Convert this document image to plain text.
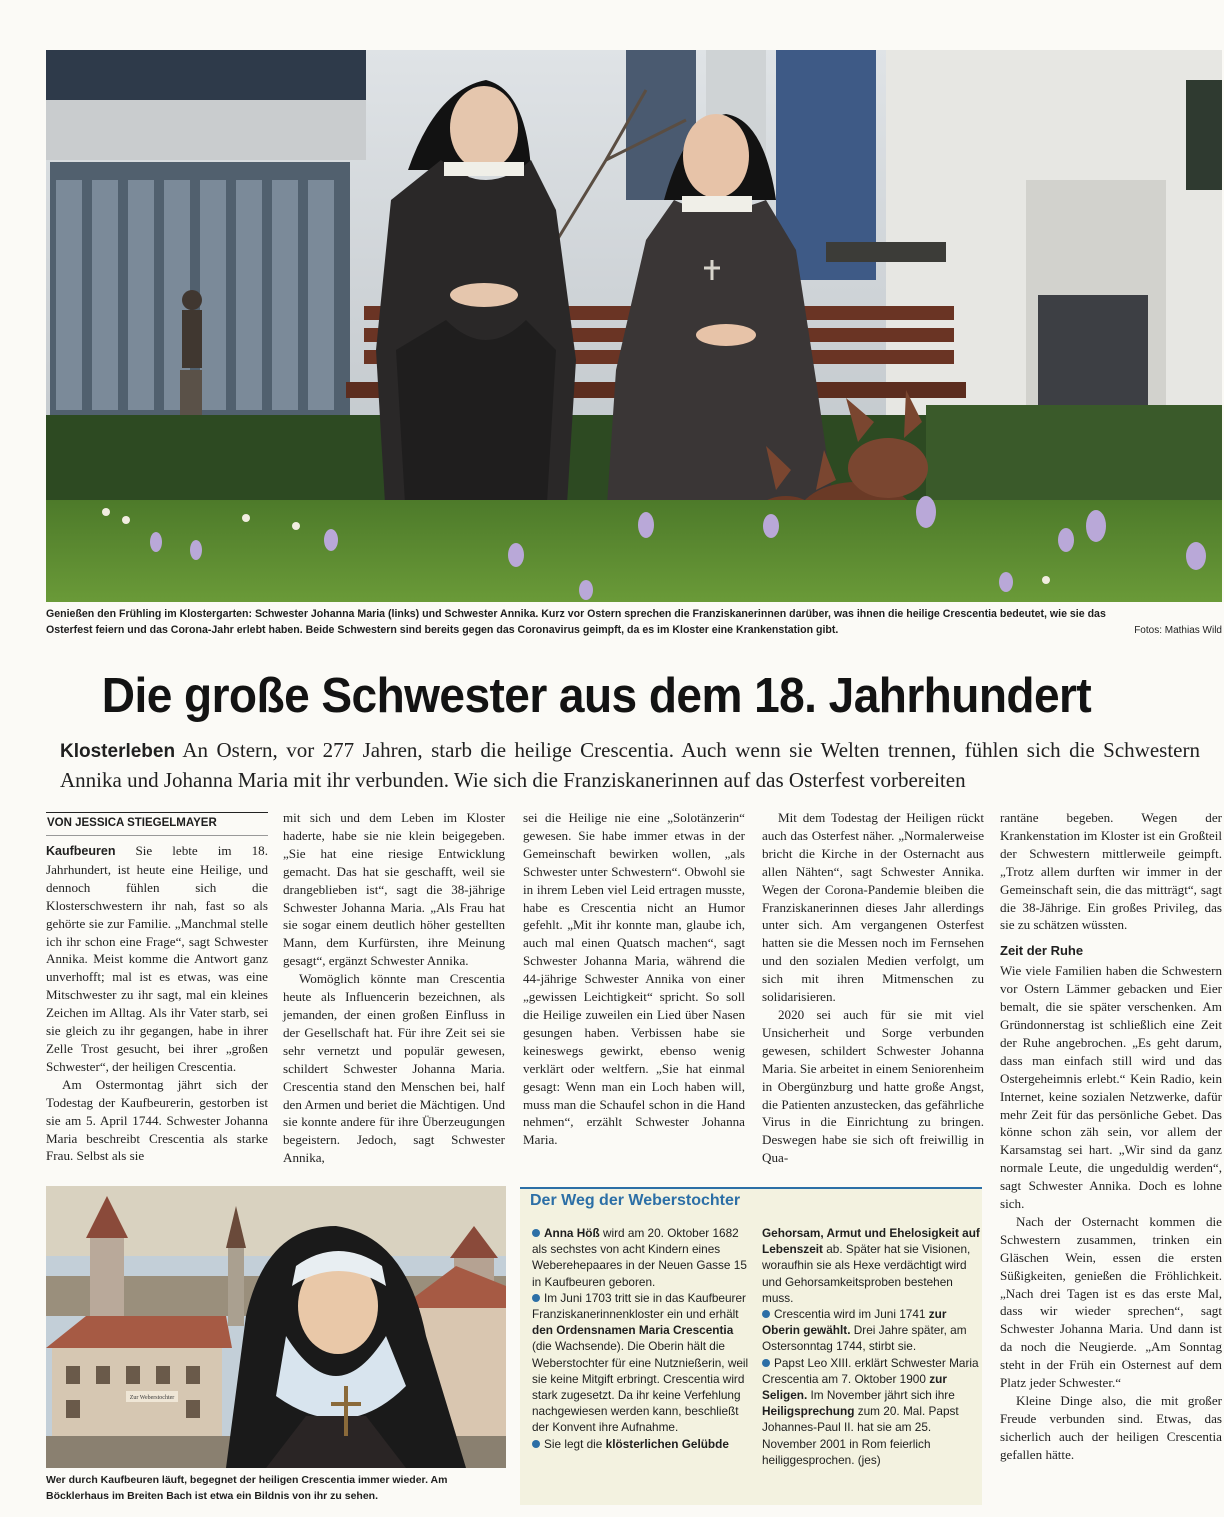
Genießen den Frühling im Klostergarten: Schwester Johanna Maria (links) und Schwester Annika. Kurz vor Ostern sprechen die Franziskanerinnen darüber, was ihnen die heilige Crescentia bedeutet, wie sie das Osterfest feiern und das Corona-Jahr erlebt haben. Beide Schwestern sind bereits gegen das Coronavirus geimpft, da es im Kloster eine Krankenstation gibt.	Fotos: Mathias Wild
Die große Schwester aus dem 18. Jahrhundert
Klosterleben An Ostern, vor 277 Jahren, starb die heilige Crescentia. Auch wenn sie Welten trennen, fühlen sich die Schwestern Annika und Johanna Maria mit ihr verbunden. Wie sich die Franziskanerinnen auf das Osterfest vorbereiten
VON JESSICA STIEGELMAYER

Kaufbeuren Sie lebte im 18. Jahrhundert, ist heute eine Heilige, und dennoch fühlen sich die Klosterschwestern ihr nah, fast so als gehörte sie zur Familie. „Manchmal stelle ich ihr schon eine Frage“, sagt Schwester Annika. Meist komme die Antwort ganz unverhofft; mal ist es etwas, was eine Mitschwester zu ihr sagt, mal ein kleines Zeichen im Alltag. Als ihr Vater starb, sei sie gleich zu ihr gegangen, habe in ihrer Zelle Trost gesucht, bei ihrer „großen Schwester“, der heiligen Crescentia.

Am Ostermontag jährt sich der Todestag der Kaufbeurerin, gestorben ist sie am 5. April 1744. Schwester Johanna Maria beschreibt Crescentia als starke Frau. Selbst als sie

mit sich und dem Leben im Kloster haderte, habe sie nie klein beigegeben. „Sie hat eine riesige Entwicklung gemacht. Das hat sie geschafft, weil sie drangeblieben ist“, sagt die 38-jährige Schwester Johanna Maria. „Als Frau hat sie sogar einem deutlich höher gestellten Mann, dem Kurfürsten, ihre Meinung gesagt“, ergänzt Schwester Annika.

Womöglich könnte man Crescentia heute als Influencerin bezeichnen, als jemanden, der einen großen Einfluss in der Gesellschaft hat. Für ihre Zeit sei sie sehr vernetzt und populär gewesen, schildert Schwester Johanna Maria. Crescentia stand den Menschen bei, half den Armen und beriet die Mächtigen. Und sie konnte andere für ihre Überzeugungen begeistern. Jedoch, sagt Schwester Annika,

sei die Heilige nie eine „Solotänzerin“ gewesen. Sie habe immer etwas in der Gemeinschaft bewirken wollen, „als Schwester unter Schwestern“. Obwohl sie in ihrem Leben viel Leid ertragen musste, habe es Crescentia nicht an Humor gefehlt. „Mit ihr konnte man, glaube ich, auch mal einen Quatsch machen“, sagt Schwester Johanna Maria, während die 44-jährige Schwester Annika von einer „gewissen Leichtigkeit“ spricht. So soll die Heilige zuweilen ein Lied über Nasen gesungen haben. Verbissen habe sie keineswegs gewirkt, ebenso wenig verklärt oder weltfern. „Sie hat einmal gesagt: Wenn man ein Loch haben will, muss man die Schaufel schon in die Hand nehmen“, erzählt Schwester Johanna Maria.

Mit dem Todestag der Heiligen rückt auch das Osterfest näher. „Normalerweise bricht die Kirche in der Osternacht aus allen Nähten“, sagt Schwester Annika. Wegen der Corona-Pandemie bleiben die Franziskanerinnen dieses Jahr allerdings unter sich. Am vergangenen Osterfest hatten sie die Messen noch im Fernsehen und den sozialen Medien verfolgt, um sich mit ihren Mitmenschen zu solidarisieren.

2020 sei auch für sie mit viel Unsicherheit und Sorge verbunden gewesen, schildert Schwester Johanna Maria. Sie arbeitet in einem Seniorenheim in Obergünzburg und hatte große Angst, die Patienten anzustecken, das gefährliche Virus in die Einrichtung zu bringen. Deswegen habe sie sich oft freiwillig in Qua-

rantäne begeben. Wegen der Krankenstation im Kloster ist ein Großteil der Schwestern mittlerweile geimpft. „Trotz allem durften wir immer in der Gemeinschaft sein, die das mitträgt“, sagt die 38-Jährige. Ein großes Privileg, das sie zu schätzen wüssten.

Zeit der Ruhe

Wie viele Familien haben die Schwestern vor Ostern Lämmer gebacken und Eier bemalt, die sie später verschenken. Am Gründonnerstag ist schließlich eine Zeit der Ruhe angebrochen. „Es geht darum, dass man einfach still wird und das Ostergeheimnis erlebt.“ Kein Radio, kein Internet, keine sozialen Netzwerke, dafür mehr Zeit für das persönliche Gebet. Das könne schon zäh sein, vor allem der Karsamstag sei hart. „Wir sind da ganz normale Leute, die ungeduldig werden“, sagt Schwester Annika. Doch es lohne sich.

Nach der Osternacht kommen die Schwestern zusammen, trinken ein Gläschen Wein, essen die ersten Süßigkeiten, genießen die Fröhlichkeit. „Nach drei Tagen ist es das erste Mal, dass wir wieder sprechen“, sagt Schwester Johanna Maria. Und dann ist da noch die Neugierde. „Am Sonntag steht in der Früh ein Osternest auf dem Platz jeder Schwester.“

Kleine Dinge also, die mit großer Freude verbunden sind. Etwas, das sicherlich auch der heiligen Crescentia gefallen hätte.

Zur Weberstochter
Wer durch Kaufbeuren läuft, begegnet der heiligen Crescentia immer wieder. Am Böcklerhaus im Breiten Bach ist etwa ein Bildnis von ihr zu sehen.
Der Weg der Weberstochter
Anna Höß wird am 20. Oktober 1682 als sechstes von acht Kindern eines Weberehepaares in der Neuen Gasse 15 in Kaufbeuren geboren.
Im Juni 1703 tritt sie in das Kaufbeurer Franziskanerinnenkloster ein und erhält den Ordensnamen Maria Crescentia (die Wachsende). Die Oberin hält die Weberstochter für eine Nutznießerin, weil sie keine Mitgift erbringt. Crescentia wird stark zugesetzt. Da ihr keine Verfehlung nachgewiesen werden kann, beschließt der Konvent ihre Aufnahme.
Sie legt die klösterlichen Gelübde
Gehorsam, Armut und Ehelosigkeit auf Lebenszeit ab. Später hat sie Visionen, woraufhin sie als Hexe verdächtigt wird und Gehorsamkeitsproben bestehen muss.
Crescentia wird im Juni 1741 zur Oberin gewählt. Drei Jahre später, am Ostersonntag 1744, stirbt sie.
Papst Leo XIII. erklärt Schwester Maria Crescentia am 7. Oktober 1900 zur Seligen. Im November jährt sich ihre Heiligsprechung zum 20. Mal. Papst Johannes-Paul II. hat sie am 25. November 2001 in Rom feierlich heiliggesprochen. (jes)
